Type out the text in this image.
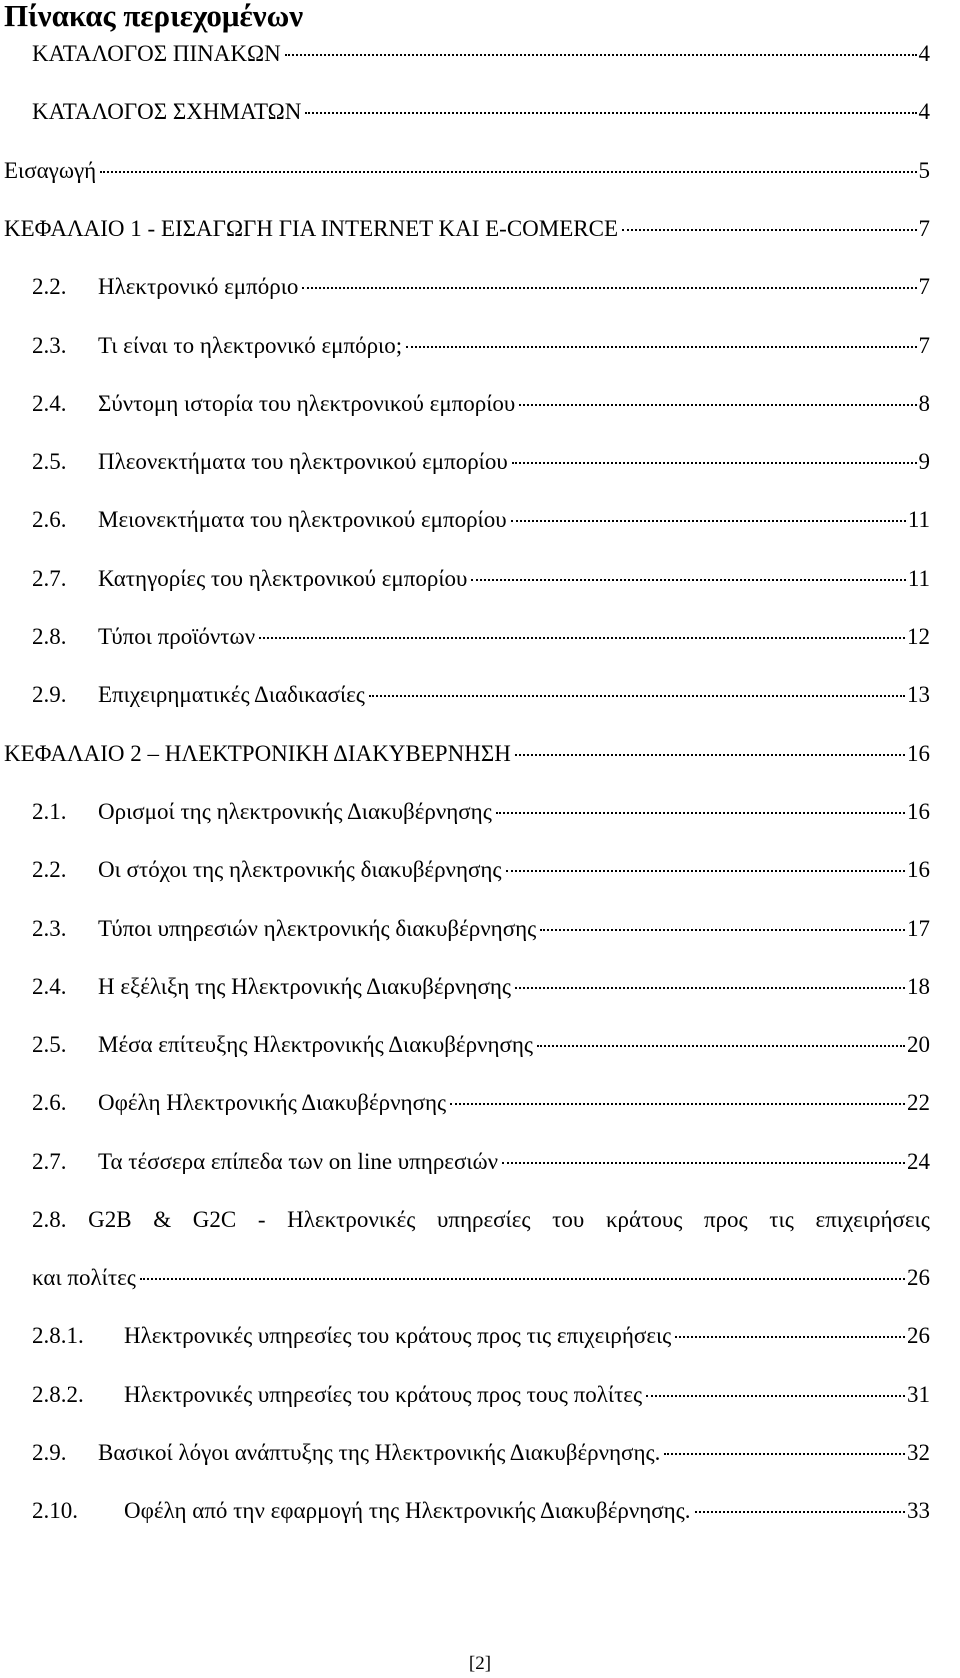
Πίνακας περιεχομένων
ΚΑΤΑΛΟΓΟΣ ΠΙΝΑΚΩΝ	4
ΚΑΤΑΛΟΓΟΣ ΣΧΗΜΑΤΩΝ	4
Εισαγωγή	5
ΚΕΦΑΛΑΙΟ 1 - ΕΙΣΑΓΩΓΗ ΓΙΑ INTERNET ΚΑΙ E-COMERCE	7
2.2.	Ηλεκτρονικό εμπόριο	7
2.3.	Τι είναι το ηλεκτρονικό εμπόριο;	7
2.4.	Σύντομη ιστορία του ηλεκτρονικού εμπορίου	8
2.5.	Πλεονεκτήματα του ηλεκτρονικού εμπορίου	9
2.6.	Μειονεκτήματα του ηλεκτρονικού εμπορίου	11
2.7.	Κατηγορίες του ηλεκτρονικού εμπορίου	11
2.8.	Τύποι προϊόντων	12
2.9.	Επιχειρηματικές Διαδικασίες	13
ΚΕΦΑΛΑΙΟ 2 – ΗΛΕΚΤΡΟΝΙΚΗ ΔΙΑΚΥΒΕΡΝΗΣΗ	16
2.1.	Ορισμοί της ηλεκτρονικής Διακυβέρνησης	16
2.2.	Οι στόχοι της ηλεκτρονικής διακυβέρνησης	16
2.3.	Τύποι υπηρεσιών ηλεκτρονικής διακυβέρνησης	17
2.4.	Η εξέλιξη της Ηλεκτρονικής Διακυβέρνησης	18
2.5.	Μέσα επίτευξης Ηλεκτρονικής Διακυβέρνησης	20
2.6.	Οφέλη Ηλεκτρονικής Διακυβέρνησης	22
2.7.	Τα τέσσερα επίπεδα των on line υπηρεσιών	24
2.8. G2B & G2C - Ηλεκτρονικές υπηρεσίες του κράτους προς τις επιχειρήσεις
και πολίτες	26
2.8.1.	Ηλεκτρονικές υπηρεσίες του κράτους προς τις επιχειρήσεις	26
2.8.2.	Ηλεκτρονικές υπηρεσίες του κράτους προς τους πολίτες	31
2.9.	Βασικοί λόγοι ανάπτυξης της Ηλεκτρονικής Διακυβέρνησης.	32
2.10.	Οφέλη από την εφαρμογή της Ηλεκτρονικής Διακυβέρνησης.	33
[2]
